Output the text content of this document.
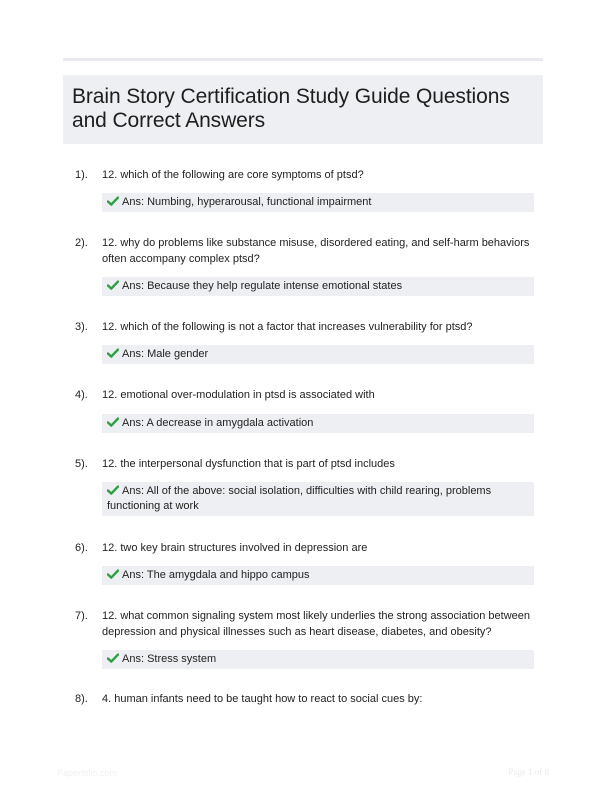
Brain Story Certification Study Guide Questions and Correct Answers
1). 12. which of the following are core symptoms of ptsd?
Ans: Numbing, hyperarousal, functional impairment
2). 12. why do problems like substance misuse, disordered eating, and self-harm behaviors often accompany complex ptsd?
Ans: Because they help regulate intense emotional states
3). 12. which of the following is not a factor that increases vulnerability for ptsd?
Ans: Male gender
4). 12. emotional over-modulation in ptsd is associated with
Ans: A decrease in amygdala activation
5). 12. the interpersonal dysfunction that is part of ptsd includes
Ans: All of the above: social isolation, difficulties with child rearing, problems functioning at work
6). 12. two key brain structures involved in depression are
Ans: The amygdala and hippo campus
7). 12. what common signaling system most likely underlies the strong association between depression and physical illnesses such as heart disease, diabetes, and obesity?
Ans: Stress system
8). 4. human infants need to be taught how to react to social cues by:
Paperfolio.com	Page 1 of 8
